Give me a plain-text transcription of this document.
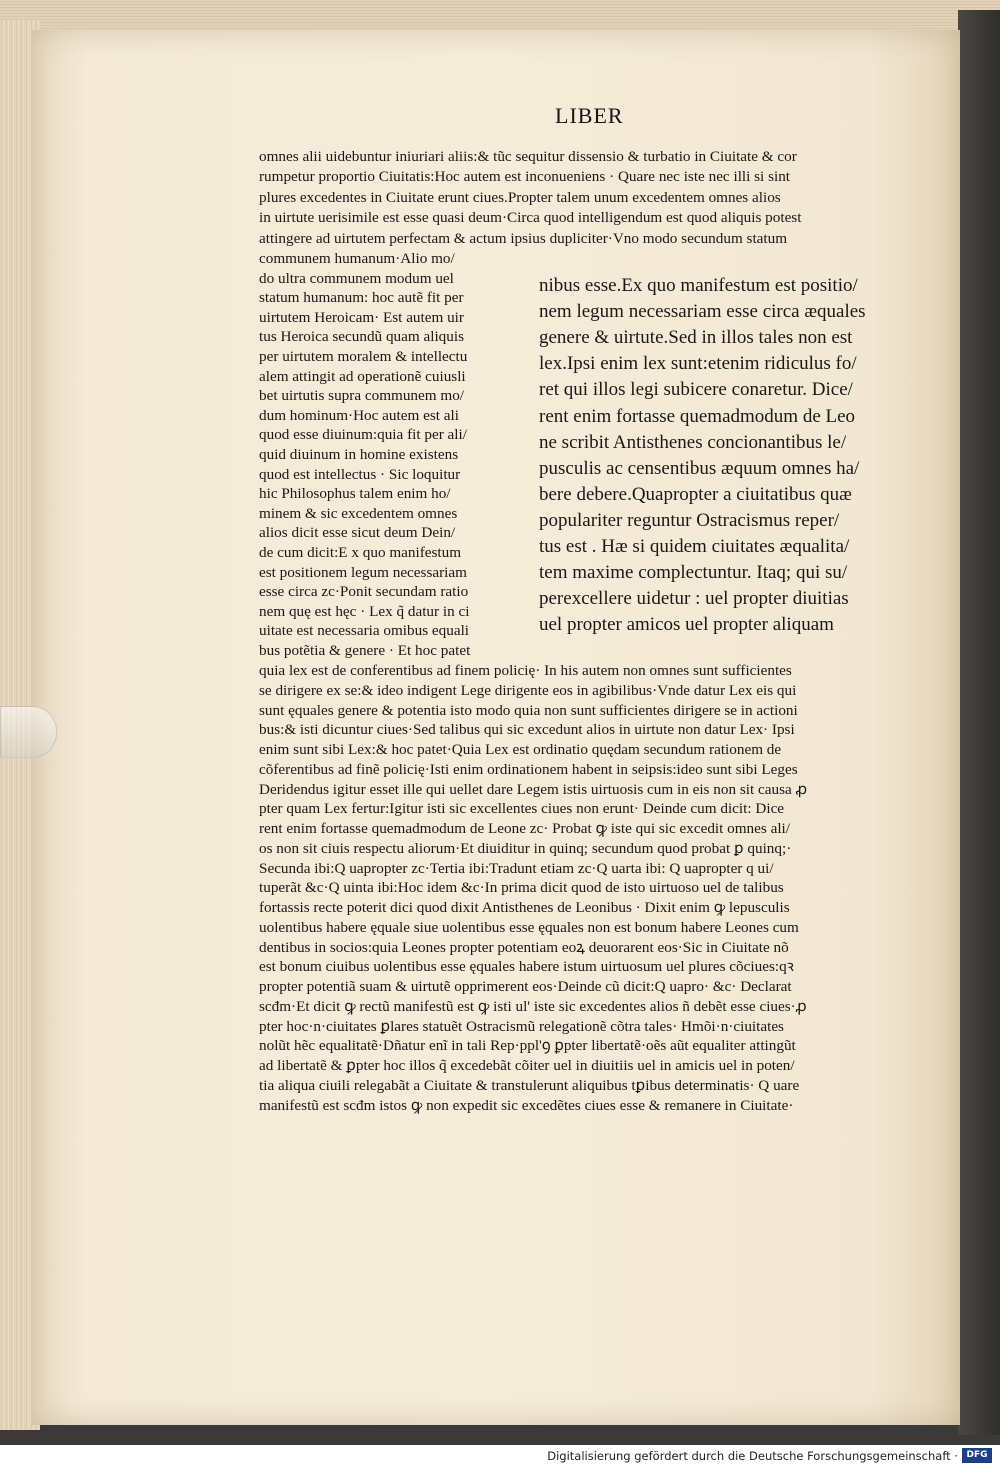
LIBER
omnes alii uidebuntur iniuriari aliis:& tũc sequitur dissensio & turbatio in Ciuitate & cor
rumpetur proportio Ciuitatis:Hoc autem est inconueniens · Quare nec iste nec illi si sint
plures excedentes in Ciuitate erunt ciues.Propter talem unum excedentem omnes alios
in uirtute uerisimile est esse quasi deum·Circa quod intelligendum est quod aliquis potest
attingere ad uirtutem perfectam & actum ipsius dupliciter·Vno modo secundum statum
communem humanum·Alio mo/
do ultra communem modum uel
statum humanum: hoc autẽ fit per
uirtutem Heroicam· Est autem uir
tus Heroica secundũ quam aliquis
per uirtutem moralem & intellectu
alem attingit ad operationẽ cuiusli
bet uirtutis supra communem mo/
dum hominum·Hoc autem est ali
quod esse diuinum:quia fit per ali/
quid diuinum in homine existens
quod est intellectus · Sic loquitur
hic Philosophus talem enim ho/
minem & sic excedentem omnes
alios dicit esse sicut deum Dein/
de cum dicit:E x quo manifestum
est positionem legum necessariam
esse circa zc·Ponit secundam ratio
nem quę est hęc · Lex q̃ datur in ci
uitate est necessaria omibus equali
bus potẽtia & genere · Et hoc patet
nibus esse.Ex quo manifestum est positio/
nem legum necessariam esse circa æquales
genere & uirtute.Sed in illos tales non est
lex.Ipsi enim lex sunt:etenim ridiculus fo/
ret qui illos legi subicere conaretur. Dice/
rent enim fortasse quemadmodum de Leo
ne scribit Antisthenes concionantibus le/
pusculis ac censentibus æquum omnes ha/
bere debere.Quapropter a ciuitatibus quæ
populariter reguntur Ostracismus reper/
tus est . Hæ si quidem ciuitates æqualita/
tem maxime complectuntur. Itaq; qui su/
perexcellere uidetur : uel propter diuitias
uel propter amicos uel propter aliquam
quia lex est de conferentibus ad finem policię· In his autem non omnes sunt sufficientes
se dirigere ex se:& ideo indigent Lege dirigente eos in agibilibus·Vnde datur Lex eis qui
sunt ęquales genere & potentia isto modo quia non sunt sufficientes dirigere se in actioni
bus:& isti dicuntur ciues·Sed talibus qui sic excedunt alios in uirtute non datur Lex· Ipsi
enim sunt sibi Lex:& hoc patet·Quia Lex est ordinatio quędam secundum rationem de
cõferentibus ad finẽ policię·Isti enim ordinationem habent in seipsis:ideo sunt sibi Leges
Deridendus igitur esset ille qui uellet dare Legem istis uirtuosis cum in eis non sit causa ꝓ
pter quam Lex fertur:Igitur isti sic excellentes ciues non erunt· Deinde cum dicit: Dice
rent enim fortasse quemadmodum de Leone zc· Probat ꝙ iste qui sic excedit omnes ali/
os non sit ciuis respectu aliorum·Et diuiditur in quinq; secundum quod probat ꝑ quinq;·
Secunda ibi:Q uapropter zc·Tertia ibi:Tradunt etiam zc·Q uarta ibi: Q uapropter q ui/
tuperãt &c·Q uinta ibi:Hoc idem &c·In prima dicit quod de isto uirtuoso uel de talibus
fortassis recte poterit dici quod dixit Antisthenes de Leonibus · Dixit enim ꝙ lepusculis
uolentibus habere ęquale siue uolentibus esse ęquales non est bonum habere Leones cum
dentibus in socios:quia Leones propter potentiam eoꝝ deuorarent eos·Sic in Ciuitate nõ
est bonum ciuibus uolentibus esse ęquales habere istum uirtuosum uel plures cõciues:qꝛ
propter potentiã suam & uirtutẽ opprimerent eos·Deinde cũ dicit:Q uapro· &c· Declarat
scđm·Et dicit ꝙ rectũ manifestũ est ꝙ isti ul' iste sic excedentes alios ñ debẽt esse ciues·ꝓ
pter hoc·n·ciuitates ꝑlares statuẽt Ostracismũ relegationẽ cõtra tales· Hmõi·n·ciuitates
nolũt hẽc equalitatẽ·Dñatur enĩ in tali Rep·ppl'ꝯ ꝑpter libertatẽ·oẽs aũt equaliter attingũt
ad libertatẽ & ꝑpter hoc illos q̃ excedebãt cõiter uel in diuitiis uel in amicis uel in poten/
tia aliqua ciuili relegabãt a Ciuitate & transtulerunt aliquibus tꝑibus determinatis· Q uare
manifestũ est scđm istos ꝙ non expedit sic excedẽtes ciues esse & remanere in Ciuitate·
Digitalisierung gefördert durch die Deutsche Forschungsgemeinschaft · DFG
